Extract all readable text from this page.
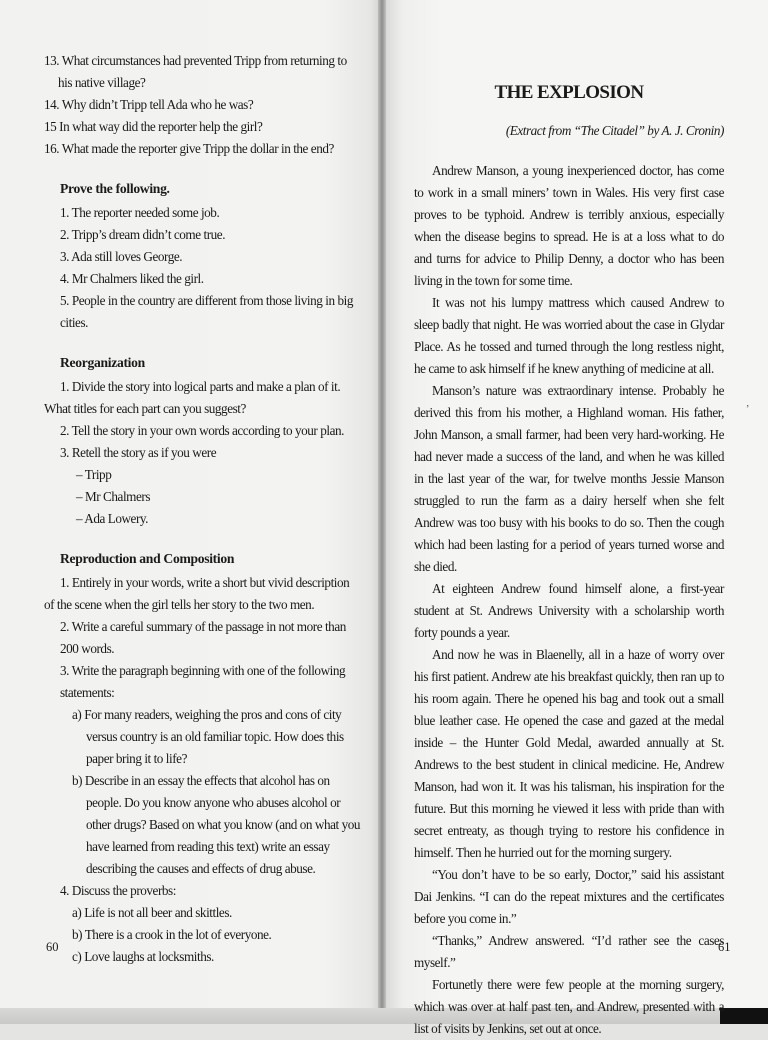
13. What circumstances had prevented Tripp from returning to his native village?

14. Why didn’t Tripp tell Ada who he was?

15 In what way did the reporter help the girl?

16. What made the reporter give Tripp the dollar in the end?

Prove the following.

1. The reporter needed some job.

2. Tripp’s dream didn’t come true.

3. Ada still loves George.

4. Mr Chalmers liked the girl.

5. People in the country are different from those living in big cities.

Reorganization

1. Divide the story into logical parts and make a plan of it. What titles for each part can you suggest?

2. Tell the story in your own words according to your plan.

3. Retell the story as if you were

– Tripp

– Mr Chalmers

– Ada Lowery.

Reproduction and Composition

1. Entirely in your words, write a short but vivid description of the scene when the girl tells her story to the two men.

2. Write a careful summary of the passage in not more than 200 words.

3. Write the paragraph beginning with one of the following statements:

a) For many readers, weighing the pros and cons of city versus country is an old familiar topic. How does this paper bring it to life?

b) Describe in an essay the effects that alcohol has on people. Do you know anyone who abuses alcohol or other drugs? Based on what you know (and on what you have learned from reading this text) write an essay describing the causes and effects of drug abuse.

4. Discuss the proverbs:

a) Life is not all beer and skittles.

b) There is a crook in the lot of everyone.

c) Love laughs at locksmiths.

THE EXPLOSION

(Extract from “The Citadel” by A. J. Cronin)

Andrew Manson, a young inexperienced doctor, has come to work in a small miners’ town in Wales. His very first case proves to be typhoid. Andrew is terribly anxious, especially when the disease begins to spread. He is at a loss what to do and turns for advice to Philip Denny, a doctor who has been living in the town for some time.

It was not his lumpy mattress which caused Andrew to sleep badly that night. He was worried about the case in Glydar Place. As he tossed and turned through the long restless night, he came to ask himself if he knew anything of medicine at all.

Manson’s nature was extraordinary intense. Probably he derived this from his mother, a Highland woman. His father, John Manson, a small farmer, had been very hard-working. He had never made a success of the land, and when he was killed in the last year of the war, for twelve months Jessie Manson struggled to run the farm as a dairy herself when she felt Andrew was too busy with his books to do so. Then the cough which had been lasting for a period of years turned worse and she died.

At eighteen Andrew found himself alone, a first-year student at St. Andrews University with a scholarship worth forty pounds a year.

And now he was in Blaenelly, all in a haze of worry over his first patient. Andrew ate his breakfast quickly, then ran up to his room again. There he opened his bag and took out a small blue leather case. He opened the case and gazed at the medal inside – the Hunter Gold Medal, awarded annually at St. Andrews to the best student in clinical medicine. He, Andrew Manson, had won it. It was his talisman, his inspiration for the future. But this morning he viewed it less with pride than with secret entreaty, as though trying to restore his confidence in himself. Then he hurried out for the morning surgery.

“You don’t have to be so early, Doctor,” said his assistant Dai Jenkins. “I can do the repeat mixtures and the certificates before you come in.”

“Thanks,” Andrew answered. “I’d rather see the cases myself.”

Fortunetly there were few people at the morning surgery, which was over at half past ten, and Andrew, presented with a list of visits by Jenkins, set out at once.

’
60	61
